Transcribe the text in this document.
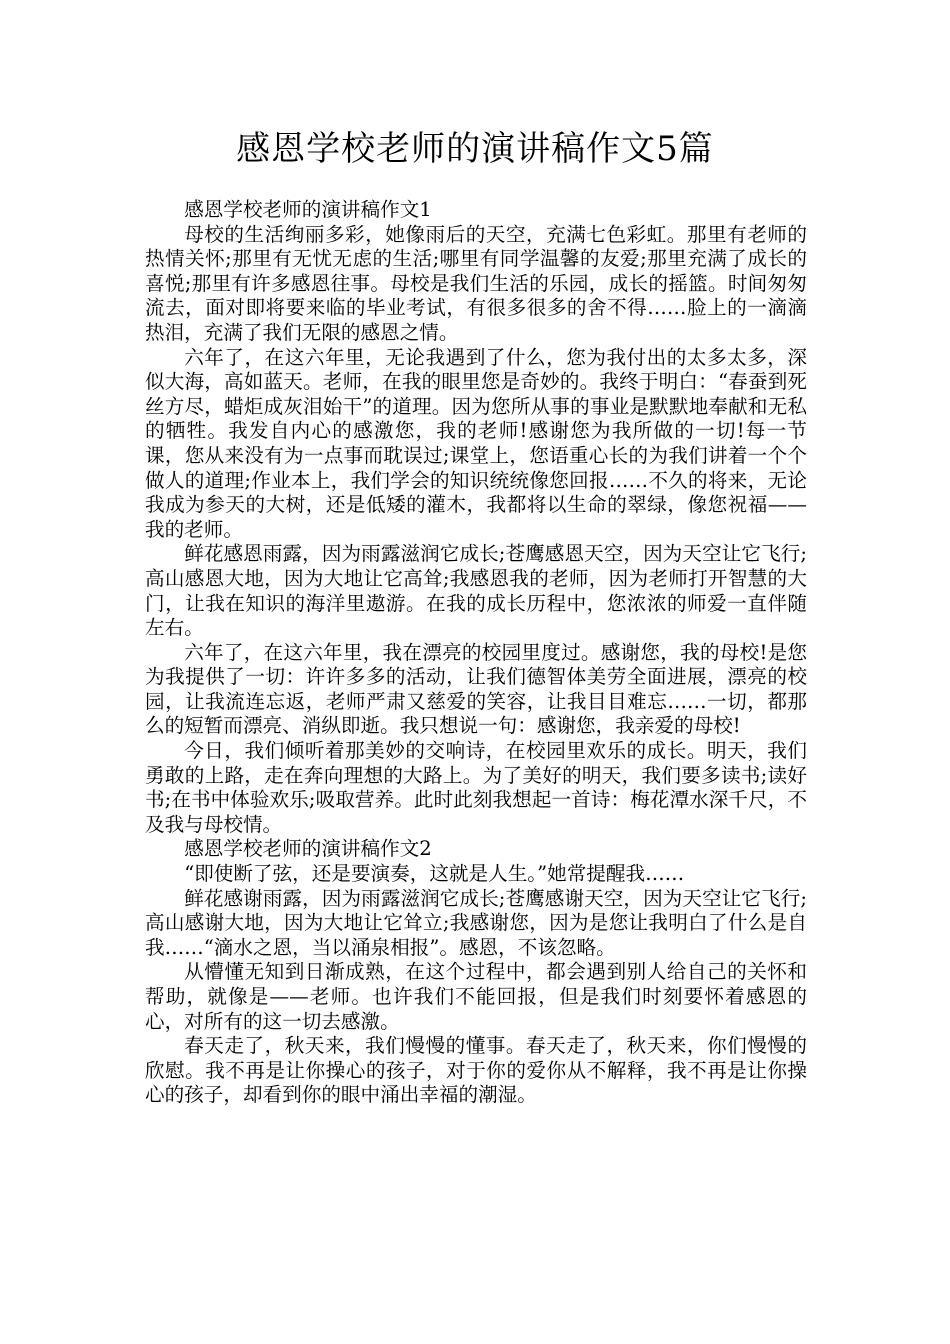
感恩学校老师的演讲稿作文5篇

感恩学校老师的演讲稿作文1

母校的生活绚丽多彩，她像雨后的天空，充满七色彩虹。那里有老师的热情关怀;那里有无忧无虑的生活;哪里有同学温馨的友爱;那里充满了成长的喜悦;那里有许多感恩往事。母校是我们生活的乐园，成长的摇篮。时间匆匆流去，面对即将要来临的毕业考试，有很多很多的舍不得……脸上的一滴滴热泪，充满了我们无限的感恩之情。

六年了，在这六年里，无论我遇到了什么，您为我付出的太多太多，深似大海，高如蓝天。老师，在我的眼里您是奇妙的。我终于明白：“春蚕到死丝方尽，蜡炬成灰泪始干”的道理。因为您所从事的事业是默默地奉献和无私的牺牲。我发自内心的感激您，我的老师!感谢您为我所做的一切!每一节课，您从来没有为一点事而耽误过;课堂上，您语重心长的为我们讲着一个个做人的道理;作业本上，我们学会的知识统统像您回报……不久的将来，无论我成为参天的大树，还是低矮的灌木，我都将以生命的翠绿，像您祝福——我的老师。

鲜花感恩雨露，因为雨露滋润它成长;苍鹰感恩天空，因为天空让它飞行;高山感恩大地，因为大地让它高耸;我感恩我的老师，因为老师打开智慧的大门，让我在知识的海洋里遨游。在我的成长历程中，您浓浓的师爱一直伴随左右。

六年了，在这六年里，我在漂亮的校园里度过。感谢您，我的母校!是您为我提供了一切：许许多多的活动，让我们德智体美劳全面进展，漂亮的校园，让我流连忘返，老师严肃又慈爱的笑容，让我目目难忘……一切，都那么的短暂而漂亮、消纵即逝。我只想说一句：感谢您，我亲爱的母校!

今日，我们倾听着那美妙的交响诗，在校园里欢乐的成长。明天，我们勇敢的上路，走在奔向理想的大路上。为了美好的明天，我们要多读书;读好书;在书中体验欢乐;吸取营养。此时此刻我想起一首诗：梅花潭水深千尺，不及我与母校情。

感恩学校老师的演讲稿作文2

“即使断了弦，还是要演奏，这就是人生。”她常提醒我……

鲜花感谢雨露，因为雨露滋润它成长;苍鹰感谢天空，因为天空让它飞行;高山感谢大地，因为大地让它耸立;我感谢您，因为是您让我明白了什么是自我……“滴水之恩，当以涌泉相报”。感恩，不该忽略。

从懵懂无知到日渐成熟，在这个过程中，都会遇到别人给自己的关怀和帮助，就像是——老师。也许我们不能回报，但是我们时刻要怀着感恩的心，对所有的这一切去感激。

春天走了，秋天来，我们慢慢的懂事。春天走了，秋天来，你们慢慢的欣慰。我不再是让你操心的孩子，对于你的爱你从不解释，我不再是让你操心的孩子，却看到你的眼中涌出幸福的潮湿。
